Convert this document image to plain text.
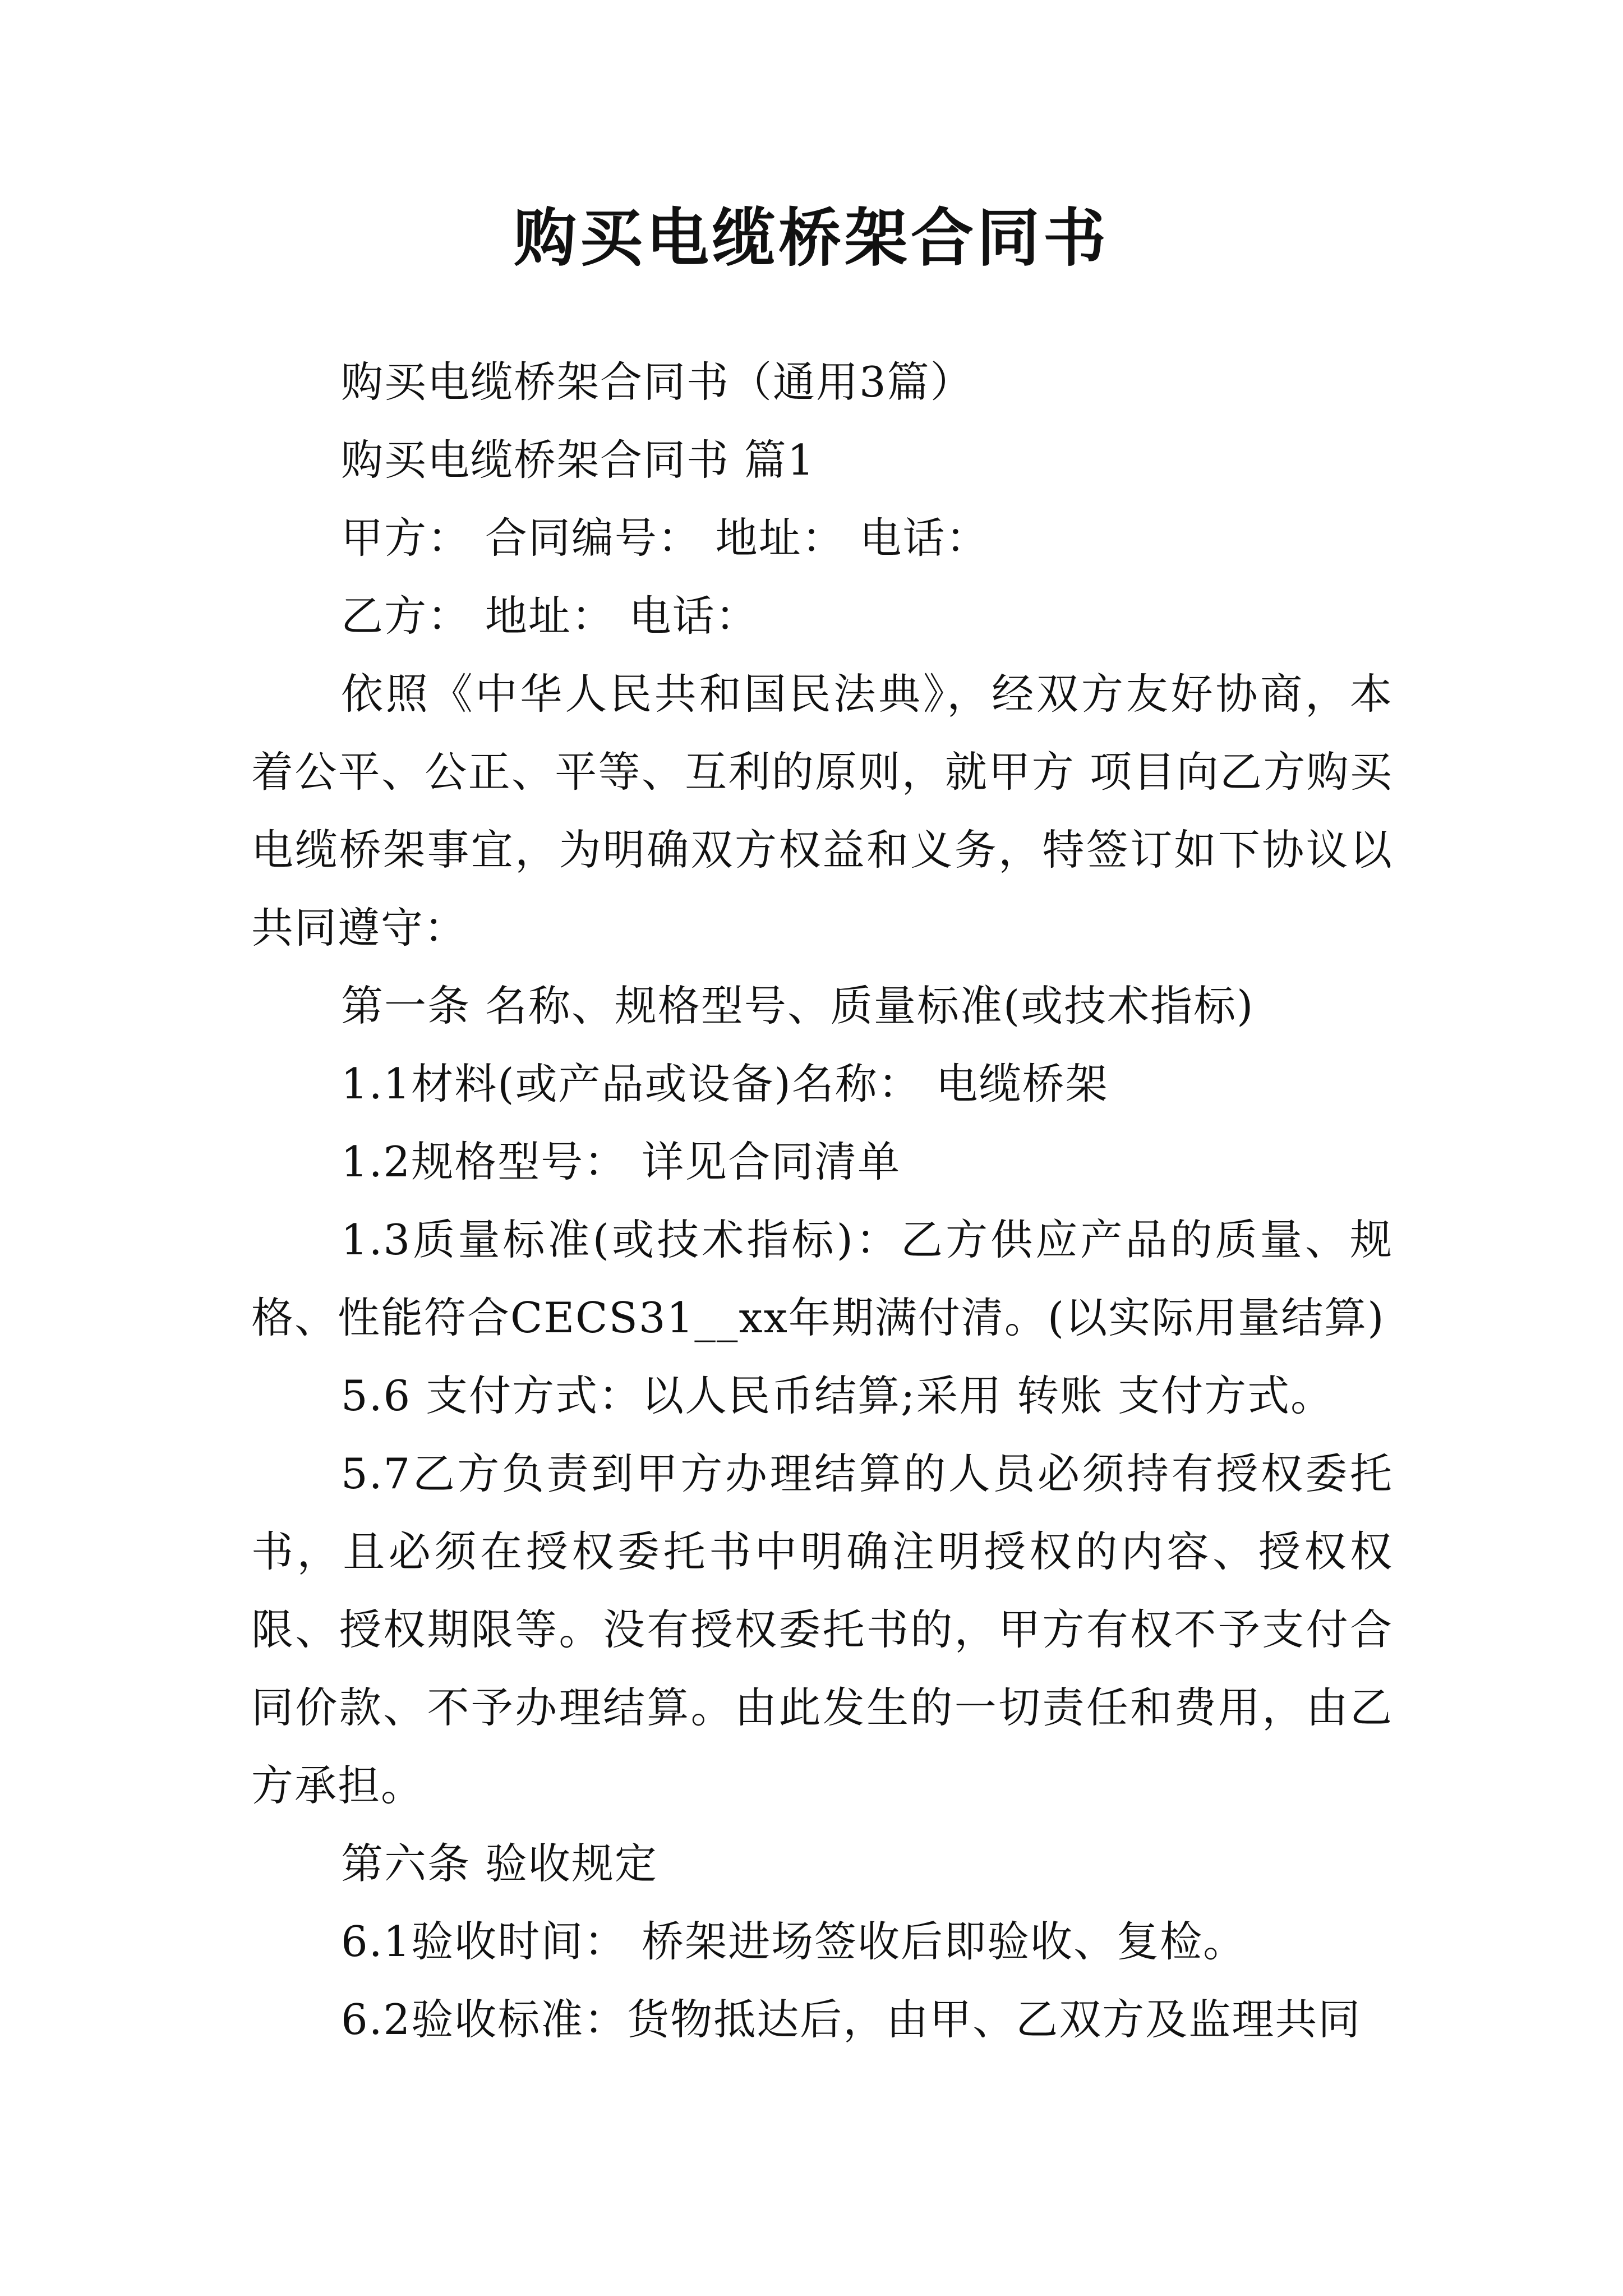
购买电缆桥架合同书

购买电缆桥架合同书（通用3篇）

购买电缆桥架合同书 篇1

甲方： 合同编号： 地址： 电话：

乙方： 地址： 电话：

依照《中华人民共和国民法典》，经双方友好协商，本着公平、公正、平等、互利的原则，就甲方 项目向乙方购买电缆桥架事宜，为明确双方权益和义务，特签订如下协议以共同遵守：

第一条 名称、规格型号、质量标准(或技术指标)

1.1材料(或产品或设备)名称： 电缆桥架

1.2规格型号： 详见合同清单

1.3质量标准(或技术指标)：乙方供应产品的质量、规格、性能符合CECS31__xx年期满付清。(以实际用量结算)

5.6 支付方式：以人民币结算;采用 转账 支付方式。

5.7乙方负责到甲方办理结算的人员必须持有授权委托书，且必须在授权委托书中明确注明授权的内容、授权权限、授权期限等。没有授权委托书的，甲方有权不予支付合同价款、不予办理结算。由此发生的一切责任和费用，由乙方承担。

第六条 验收规定

6.1验收时间： 桥架进场签收后即验收、复检。

6.2验收标准：货物抵达后，由甲、乙双方及监理共同
